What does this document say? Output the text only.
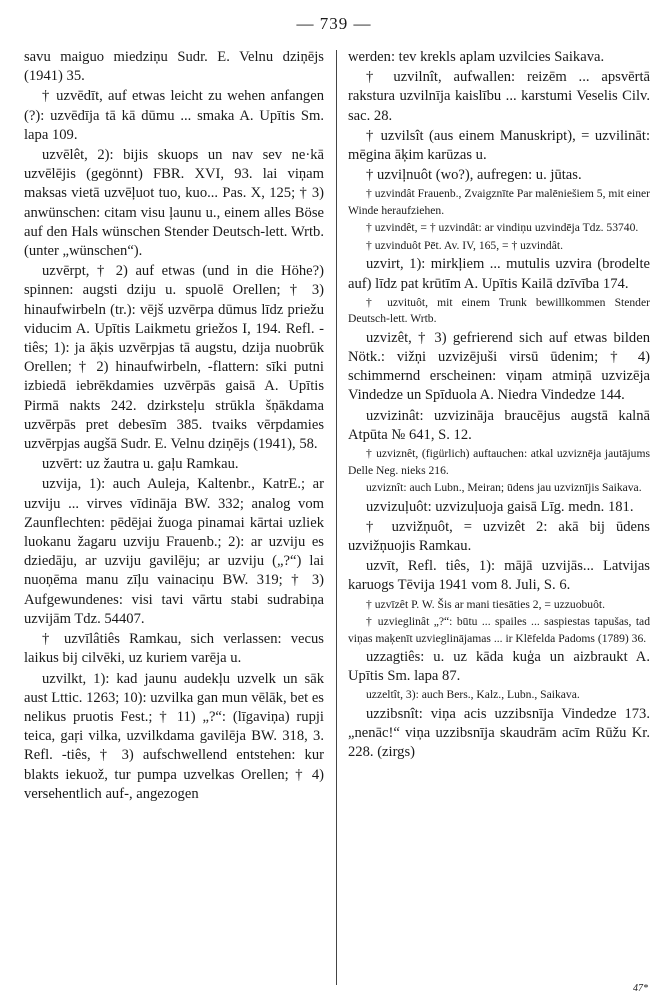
— 739 —

savu maiguo miedziņu Sudr. E. Velnu dziņējs (1941) 35.

† uzvēdīt, auf etwas leicht zu wehen anfangen (?): uzvēdīja tā kā dūmu ... smaka A. Upītis Sm. lapa 109.

uzvēlêt, 2): bijis skuops un nav sev ne·kā uzvēlējis (gegönnt) FBR. XVI, 93. lai viņam maksas vietā uzvēļuot tuo, kuo... Pas. X, 125; † 3) anwünschen: citam visu ļaunu u., einem alles Böse auf den Hals wünschen Stender Deutsch-lett. Wrtb. (unter „wünschen“).

uzvērpt, † 2) auf etwas (und in die Höhe?) spinnen: augsti dziju u. spuolē Orellen; † 3) hinaufwirbeln (tr.): vējš uzvērpa dūmus līdz priežu viducim A. Upītis Laikmetu griežos I, 194. Refl. -tiês; 1): ja āķis uzvērpjas tā augstu, dzija nuobrūk Orellen; † 2) hinaufwirbeln, -flattern: sīki putni izbiedā iebrēkdamies uzvērpās gaisā A. Upītis Pirmā nakts 242. dzirksteļu strūkla šņākdama uzvērpās pret debesīm 385. tvaiks vērpdamies uzvērpjas augšā Sudr. E. Velnu dziņējs (1941), 58.

uzvērt: uz žautra u. gaļu Ramkau.

uzvija, 1): auch Auleja, Kaltenbr., KatrE.; ar uzviju ... virves vīdināja BW. 332; analog vom Zaunflechten: pēdējai žuoga pinamai kārtai uzliek luokanu žagaru uzviju Frauenb.; 2): ar uzviju es dziedāju, ar uzviju gavilēju; ar uzviju („?“) lai nuoņēma manu zīļu vainaciņu BW. 319; † 3) Aufgewundenes: visi tavi vārtu stabi sudrabiņa uzvijām Tdz. 54407.

† uzvīlâtiês Ramkau, sich verlassen: vecus laikus bij cilvēki, uz kuriem varēja u.

uzvilkt, 1): kad jaunu audekļu uzvelk un sāk aust Lttic. 1263; 10): uzvilka gan mun vēlāk, bet es nelikus pruotis Fest.; † 11) „?“: (līgaviņa) rupji teica, gaŗi vilka, uzvilkdama gavilēja BW. 318, 3. Refl. -tiês, † 3) aufschwellend entstehen: kur blakts iekuož, tur pumpa uzvelkas Orellen; † 4) versehentlich auf-, angezogen

werden: tev krekls aplam uzvilcies Saikava.

† uzvilnît, aufwallen: reizēm ... apsvērtā rakstura uzvilnīja kaislību ... karstumi Veselis Cilv. sac. 28.

† uzvilsît (aus einem Manuskript), = uzvilināt: mēgina āķim karūzas u.

† uzviļnuôt (wo?), aufregen: u. jūtas.

† uzvindât Frauenb., Zvaigznīte Par malēniešiem 5, mit einer Winde heraufziehen.

† uzvindêt, = † uzvindât: ar vindiņu uzvindēja Tdz. 53740.

† uzvinduôt Pēt. Av. IV, 165, = † uzvindât.

uzvirt, 1): mirkļiem ... mutulis uzvira (brodelte auf) līdz pat krūtīm A. Upītis Kailā dzīvība 174.

† uzvituôt, mit einem Trunk bewillkommen Stender Deutsch-lett. Wrtb.

uzvizêt, † 3) gefrierend sich auf etwas bilden Nötk.: vižņi uzvizējuši virsū ūdenim; † 4) schimmernd erscheinen: viņam atmiņā uzvizēja Vindedze un Spīduola A. Niedra Vindedze 144.

uzvizinât: uzvizināja braucējus augstā kalnā Atpūta № 641, S. 12.

† uzviznêt, (figürlich) auftauchen: atkal uzviznēja jautājums Delle Neg. nieks 216.

uzviznît: auch Lubn., Meiran; ūdens jau uzviznījis Saikava.

uzvizuļuôt: uzvizuļuoja gaisā Līg. medn. 181.

† uzvižņuôt, = uzvizêt 2: akā bij ūdens uzvižņuojis Ramkau.

uzvīt, Refl. tiês, 1): mājā uzvijās... Latvijas karuogs Tēvija 1941 vom 8. Juli, S. 6.

† uzvīzêt P. W. Šis ar mani tiesāties 2, = uzzuobuôt.

† uzvieglinât „?“: būtu ... spailes ... saspiestas tapušas, tad viņas maķenīt uzvieglinājamas ... ir Klēfelda Padoms (1789) 36.

uzzagtiês: u. uz kāda kuģa un aizbraukt A. Upītis Sm. lapa 87.

uzzeltît, 3): auch Bers., Kalz., Lubn., Saikava.

uzzibsnît: viņa acis uzzibsnīja Vindedze 173. „nenāc!“ viņa uzzibsnīja skaudrām acīm Rūžu Kr. 228. (zirgs)

47*
